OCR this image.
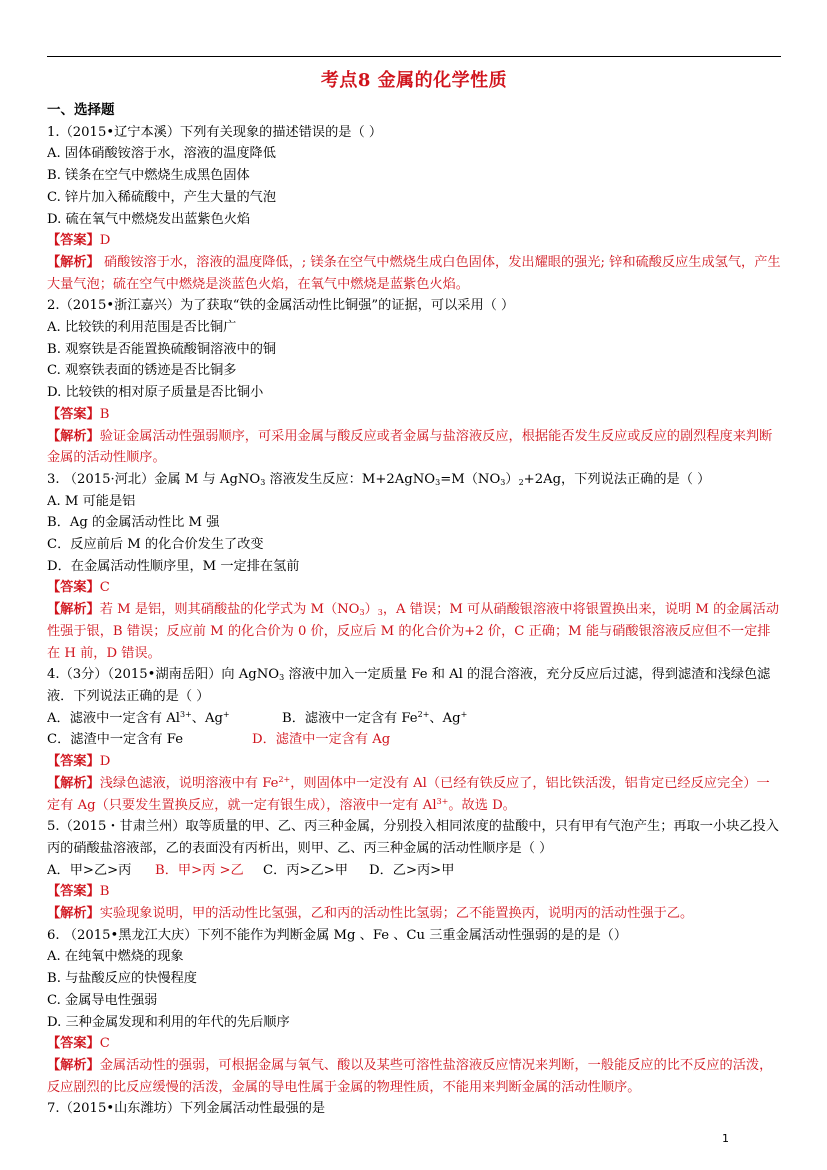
考点8 金属的化学性质
一、选择题
1.（2015•辽宁本溪）下列有关现象的描述错误的是（ ）
A. 固体硝酸铵溶于水，溶液的温度降低
B. 镁条在空气中燃烧生成黑色固体
C. 锌片加入稀硫酸中，产生大量的气泡
D. 硫在氧气中燃烧发出蓝紫色火焰
【答案】D
【解析】 硝酸铵溶于水，溶液的温度降低，; 镁条在空气中燃烧生成白色固体，发出耀眼的强光; 锌和硫酸反应生成氢气，产生大量气泡；硫在空气中燃烧是淡蓝色火焰，在氧气中燃烧是蓝紫色火焰。
2.（2015•浙江嘉兴）为了获取“铁的金属活动性比铜强”的证据，可以采用（ ）
A. 比较铁的利用范围是否比铜广
B. 观察铁是否能置换硫酸铜溶液中的铜
C. 观察铁表面的锈迹是否比铜多
D. 比较铁的相对原子质量是否比铜小
【答案】B
【解析】验证金属活动性强弱顺序，可采用金属与酸反应或者金属与盐溶液反应，根据能否发生反应或反应的剧烈程度来判断金属的活动性顺序。
3. （2015·河北）金属 M 与 AgNO$_3$ 溶液发生反应：$M+2AgNO_3=M(NO_3)_2+2Ag$，下列说法正确的是（ ）
A. M 可能是铝
B．Ag 的金属活动性比 M 强
C．反应前后 M 的化合价发生了改变
D．在金属活动性顺序里，M 一定排在氢前
【答案】C
【解析】若 M 是铝，则其硝酸盐的化学式为 $M(NO_3)_3$，A 错误；M 可从硝酸银溶液中将银置换出来，说明 M 的金属活动性强于银，B 错误；反应前 M 的化合价为 0 价，反应后 M 的化合价为+2 价，C 正确；M 能与硝酸银溶液反应但不一定排在 H 前，D 错误。
4.（3分）（2015•湖南岳阳）向 AgNO$_3$ 溶液中加入一定质量 Fe 和 Al 的混合溶液，充分反应后过滤，得到滤渣和浅绿色滤液．下列说法正确的是（ ）
A．滤液中一定含有 $Al^{3+}$、Ag+	B．滤液中一定含有 $Fe^{2+}$、Ag+
C．滤渣中一定含有 Fe	D．滤渣中一定含有 Ag
【答案】D
【解析】浅绿色滤液，说明溶液中有 $Fe^{2+}$，则固体中一定没有 Al（已经有铁反应了，铝比铁活泼，铝肯定已经反应完全）一定有 Ag（只要发生置换反应，就一定有银生成），溶液中一定有 $Al^{3+}$。故选 D。
5.（2015・甘肃兰州）取等质量的甲、乙、丙三种金属，分别投入相同浓度的盐酸中，只有甲有气泡产生；再取一小块乙投入丙的硝酸盐溶液部，乙的表面没有丙析出，则甲、乙、丙三种金属的活动性顺序是（ ）
A．甲>乙>丙 B．甲>丙 >乙 C．丙>乙>甲 D．乙>丙>甲
【答案】B
【解析】实验现象说明，甲的活动性比氢强，乙和丙的活动性比氢弱；乙不能置换丙，说明丙的活动性强于乙。
6. （2015•黑龙江大庆）下列不能作为判断金属 Mg 、Fe 、Cu 三重金属活动性强弱的是的是（）
A. 在纯氧中燃烧的现象
B. 与盐酸反应的快慢程度
C. 金属导电性强弱
D. 三种金属发现和利用的年代的先后顺序
【答案】C
【解析】金属活动性的强弱，可根据金属与氧气、酸以及某些可溶性盐溶液反应情况来判断，一般能反应的比不反应的活泼，反应剧烈的比反应缓慢的活泼，金属的导电性属于金属的物理性质，不能用来判断金属的活动性顺序。
7.（2015•山东潍坊）下列金属活动性最强的是
1
